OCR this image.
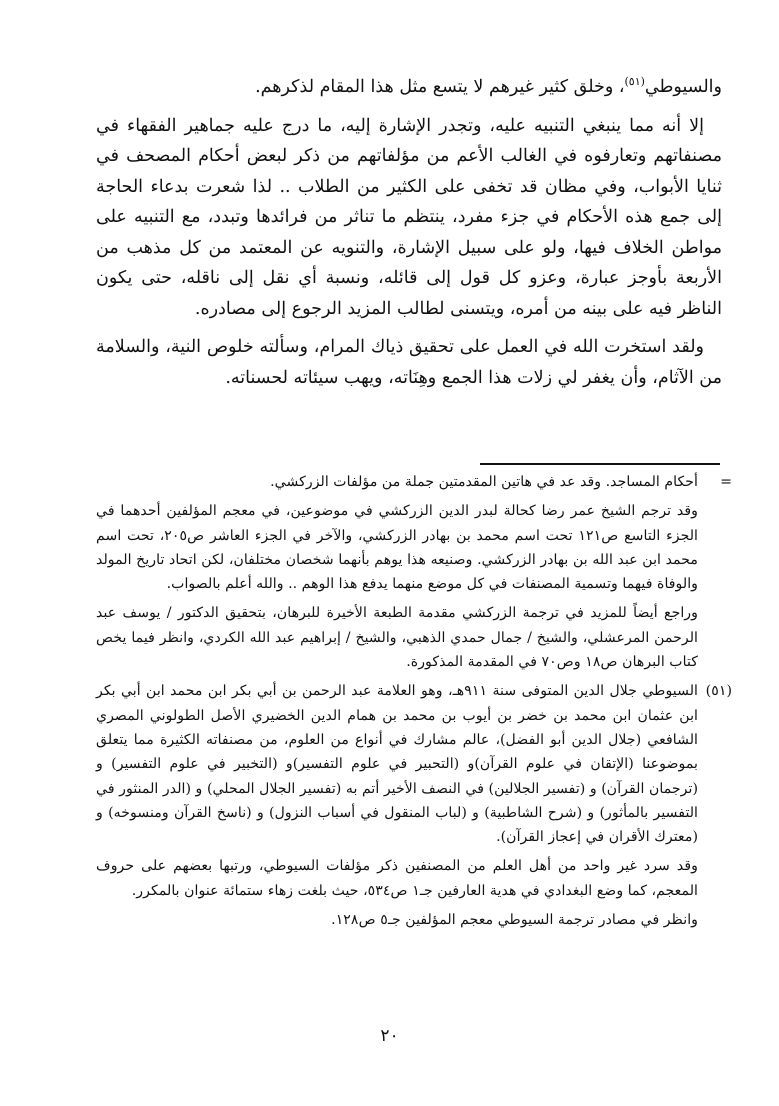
والسيوطي$^{(٥١)}$، وخلق كثير غيرهم لا يتسع مثل هذا المقام لذكرهم.

إلا أنه مما ينبغي التنبيه عليه، وتجدر الإشارة إليه، ما درج عليه جماهير الفقهاء في مصنفاتهم وتعارفوه في الغالب الأعم من مؤلفاتهم من ذكر لبعض أحكام المصحف في ثنايا الأبواب، وفي مظان قد تخفى على الكثير من الطلاب .. لذا شعرت بدعاء الحاجة إلى جمع هذه الأحكام في جزء مفرد، ينتظم ما تناثر من فرائدها وتبدد، مع التنبيه على مواطن الخلاف فيها، ولو على سبيل الإشارة، والتنويه عن المعتمد من كل مذهب من الأربعة بأوجز عبارة، وعزو كل قول إلى قائله، ونسبة أي نقل إلى ناقله، حتى يكون الناظر فيه على بينه من أمره، ويتسنى لطالب المزيد الرجوع إلى مصادره.

ولقد استخرت الله في العمل على تحقيق ذياك المرام، وسألته خلوص النية، والسلامة من الآثام، وأن يغفر لي زلات هذا الجمع وهِنَاته، ويهب سيئاته لحسناته.

=

أحكام المساجد. وقد عد في هاتين المقدمتين جملة من مؤلفات الزركشي.

وقد ترجم الشيخ عمر رضا كحالة لبدر الدين الزركشي في موضوعين، في معجم المؤلفين أحدهما في الجزء التاسع ص١٢١ تحت اسم محمد بن بهادر الزركشي، والآخر في الجزء العاشر ص٢٠٥، تحت اسم محمد ابن عبد الله بن بهادر الزركشي. وصنيعه هذا يوهم بأنهما شخصان مختلفان، لكن اتحاد تاريخ المولد والوفاة فيهما وتسمية المصنفات في كل موضع منهما يدفع هذا الوهم .. والله أعلم بالصواب.

وراجع أيضاً للمزيد في ترجمة الزركشي مقدمة الطبعة الأخيرة للبرهان، بتحقيق الدكتور / يوسف عبد الرحمن المرعشلي، والشيخ / جمال حمدي الذهبي، والشيخ / إبراهيم عبد الله الكردي، وانظر فيما يخص كتاب البرهان ص١٨ وص٧٠ في المقدمة المذكورة.

(٥١)

السيوطي جلال الدين المتوفى سنة ٩١١هـ، وهو العلامة عبد الرحمن بن أبي بكر ابن محمد ابن أبي بكر ابن عثمان ابن محمد بن خضر بن أيوب بن محمد بن همام الدين الخضيري الأصل الطولوني المصري الشافعي (جلال الدين أبو الفضل)، عالم مشارك في أنواع من العلوم، من مصنفاته الكثيرة مما يتعلق بموضوعنا (الإتقان في علوم القرآن)و (التحبير في علوم التفسير)و (التخبير في علوم التفسير) و (ترجمان القرآن) و (تفسير الجلالين) في النصف الأخير أتم به (تفسير الجلال المحلي) و (الدر المنثور في التفسير بالمأثور) و (شرح الشاطبية) و (لباب المنقول في أسباب النزول) و (ناسخ القرآن ومنسوخه) و (معترك الأقران في إعجاز القرآن).

وقد سرد غير واحد من أهل العلم من المصنفين ذكر مؤلفات السيوطي، ورتبها بعضهم على حروف المعجم، كما وضع البغدادي في هدية العارفين جـ١ ص٥٣٤، حيث بلغت زهاء ستمائة عنوان بالمكرر.

وانظر في مصادر ترجمة السيوطي معجم المؤلفين جـ٥ ص١٢٨.

٢٠
